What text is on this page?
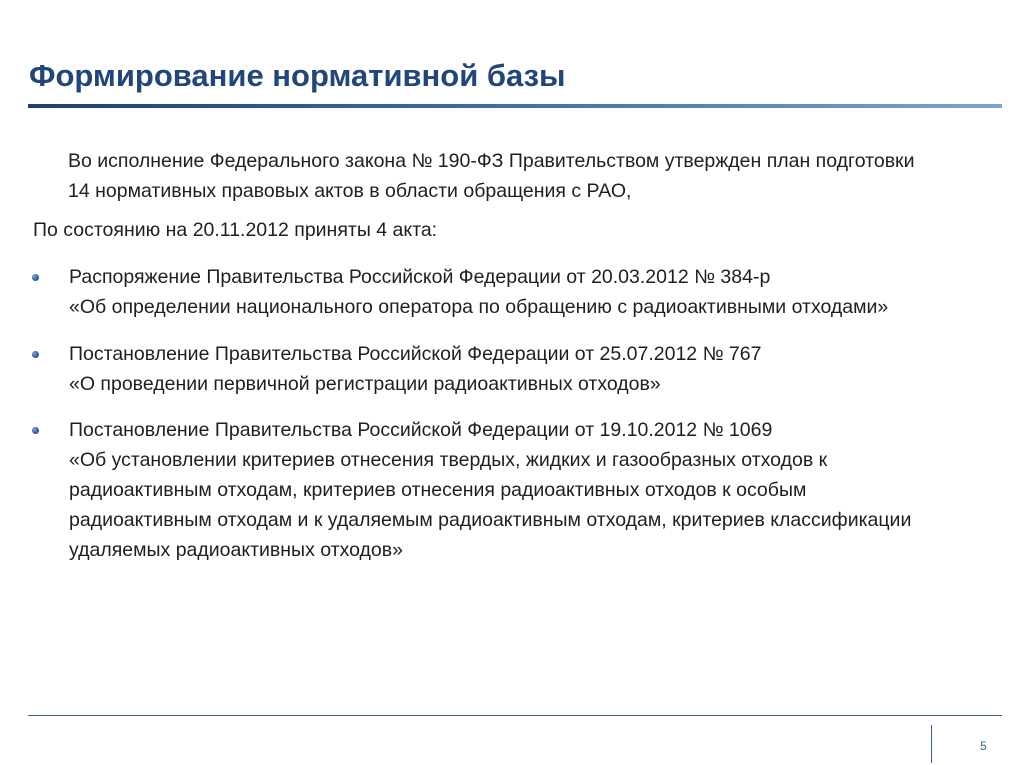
Формирование нормативной базы
Во исполнение Федерального закона № 190-ФЗ Правительством утвержден план подготовки
14 нормативных правовых актов в области обращения с РАО,
По состоянию на 20.11.2012 приняты 4 акта:
Распоряжение Правительства Российской Федерации от 20.03.2012 № 384-р
«Об определении национального оператора по обращению с радиоактивными отходами»
Постановление Правительства Российской Федерации от 25.07.2012 № 767
«О проведении первичной регистрации радиоактивных отходов»
Постановление Правительства Российской Федерации от 19.10.2012 № 1069
«Об установлении критериев отнесения твердых, жидких и газообразных отходов к
радиоактивным отходам, критериев отнесения радиоактивных отходов к особым
радиоактивным отходам и к удаляемым радиоактивным отходам, критериев классификации
удаляемых радиоактивных отходов»
5
